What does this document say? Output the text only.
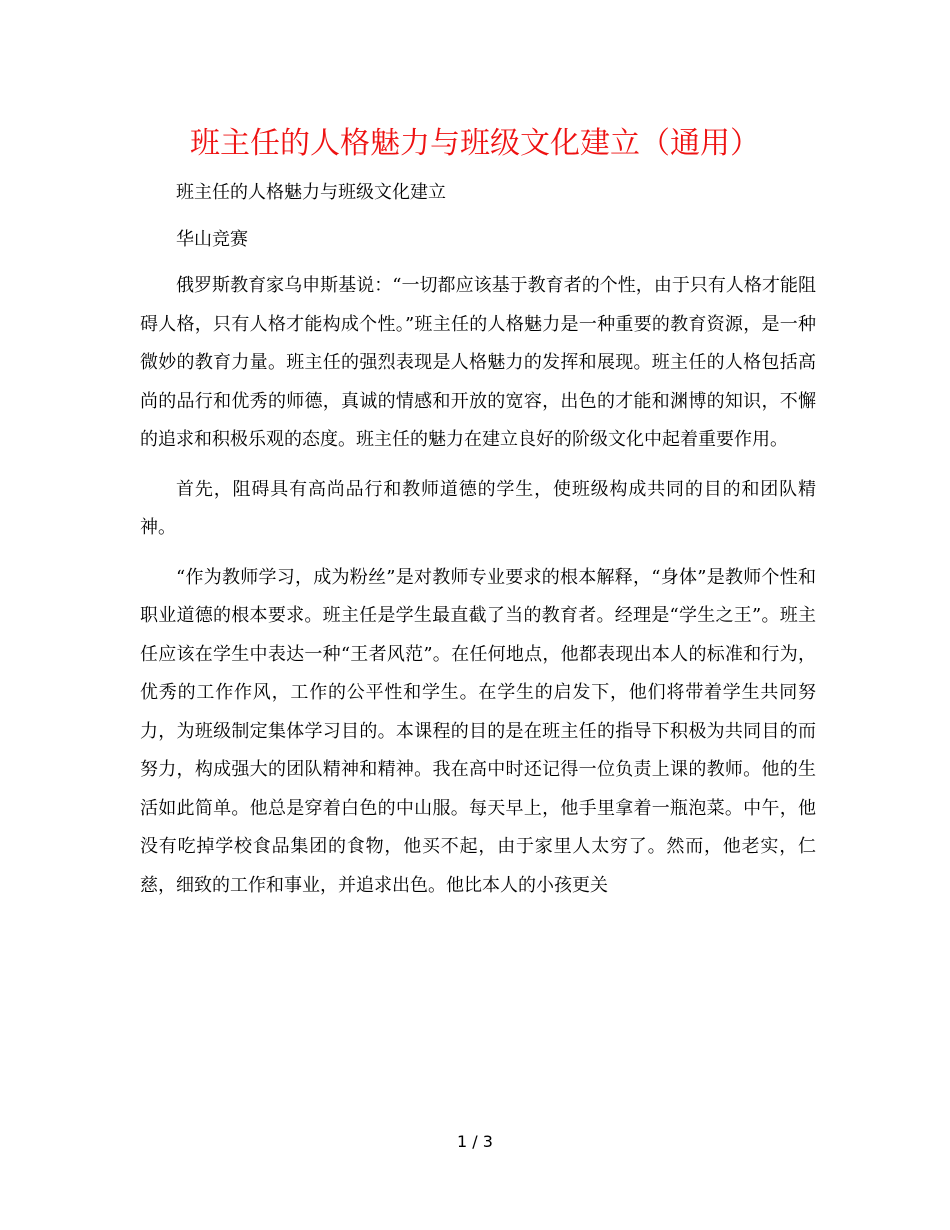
班主任的人格魅力与班级文化建立（通用）

班主任的人格魅力与班级文化建立

华山竞赛

俄罗斯教育家乌申斯基说：“一切都应该基于教育者的个性，由于只有人格才能阻碍人格，只有人格才能构成个性。”班主任的人格魅力是一种重要的教育资源，是一种微妙的教育力量。班主任的强烈表现是人格魅力的发挥和展现。班主任的人格包括高尚的品行和优秀的师德，真诚的情感和开放的宽容，出色的才能和渊博的知识，不懈的追求和积极乐观的态度。班主任的魅力在建立良好的阶级文化中起着重要作用。

首先，阻碍具有高尚品行和教师道德的学生，使班级构成共同的目的和团队精神。

“作为教师学习，成为粉丝”是对教师专业要求的根本解释，“身体”是教师个性和职业道德的根本要求。班主任是学生最直截了当的教育者。经理是“学生之王”。班主任应该在学生中表达一种“王者风范”。在任何地点，他都表现出本人的标准和行为，优秀的工作作风，工作的公平性和学生。在学生的启发下，他们将带着学生共同努力，为班级制定集体学习目的。本课程的目的是在班主任的指导下积极为共同目的而努力，构成强大的团队精神和精神。我在高中时还记得一位负责上课的教师。他的生活如此简单。他总是穿着白色的中山服。每天早上，他手里拿着一瓶泡菜。中午，他没有吃掉学校食品集团的食物，他买不起，由于家里人太穷了。然而，他老实，仁慈，细致的工作和事业，并追求出色。他比本人的小孩更关

1 / 3
